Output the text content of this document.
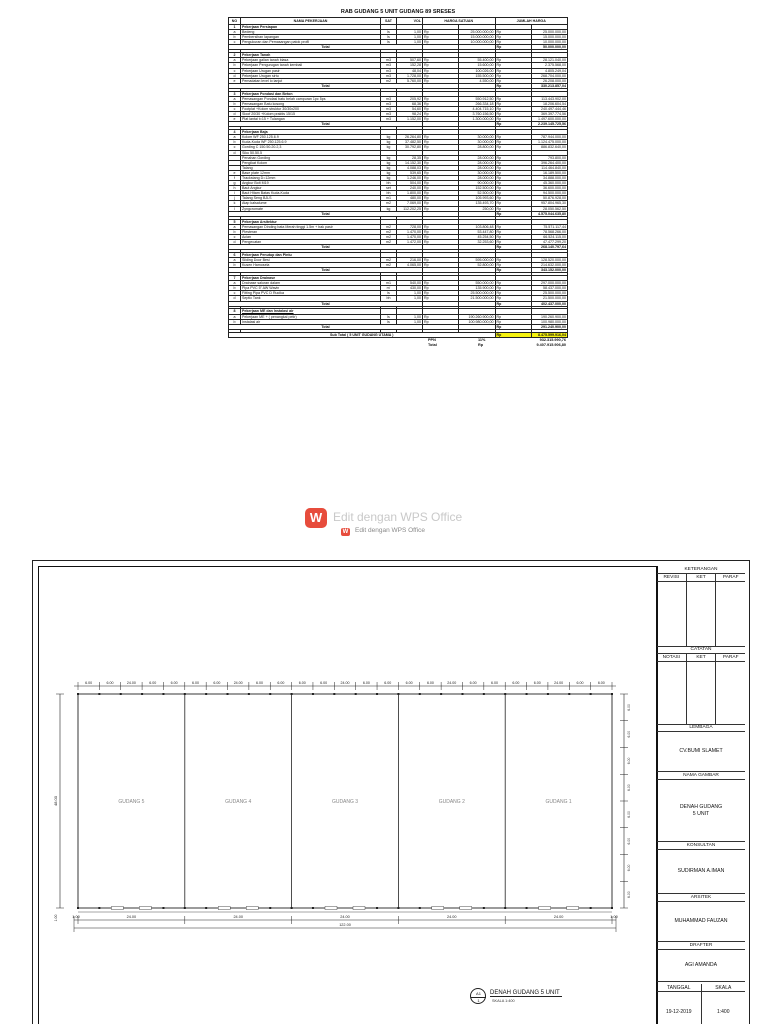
RAB GUDANG 5 UNIT GUDANG 89 SRESES
NO	NAMA PEKERJAAN	SAT	VOL	HARGA SATUAN		JUMLAH HARGA	
1	Pekerjaan Persiapan						
a	Bedeng	ls	1,00	Rp	25.000.000,00	Rp	25.000.000,00
b	Pembersihan lapangan	ls	1,00	Rp	15.000.000,00	Rp	15.000.000,00
c	Pengukuran dan Pemasangan patok profil	ls	1,00	Rp	10.000.000,00	Rp	10.000.000,00
Total						Rp	50.000.000,00

2	Pekerjaan Tanah						
a	Pekerjaan galian tanah biasa	m3	507,60	Rp	55.400,00	Rp	28.121.040,00
b	Pekerjaan Pengurugan tanah kembali	m3	152,28	Rp	15.600,00	Rp	2.375.568,00
c	Pekerjaan Urugan pasir	m3	48,04	Rp	100.026,00	Rp	4.805.249,04
d	Pekerjaan Urugan sirtu	m3	1.728,00	Rp	155.500,00	Rp	268.704.000,00
e	Pemadatan level lo lanjut	m2	5.760,00	Rp	4.550,00	Rp	26.208.000,00
Total						Rp	330.213.857,04

3	Pekerjaan Pondasi dan Beton						
a	Pemasangan Pondasi batu belah campuran 1pc 5ps	m3	205,92	Rp	550.912,50	Rp	113.443.902,00
b	Pemasangan Batu kosong	m3	68,36	Rp	266.334,18	Rp	18.206.604,54
c	Footplat +Kolom struktur 30/30x200	m3	54,60	Rp	4.404.715,10	Rp	240.497.444,46
d	Sloof 20/30 +Kolom praktis 15/15	m3	98,24	Rp	3.760.156,50	Rp	369.397.774,56
e	Plat lantai t=15 + Tulangan	m3	1.152,00	Rp	1.300.000,00	Rp	1.497.600.000,00
Total						Rp	2.239.145.725,56

4	Pekerjaan Baja						
a	Kolom WF 250.125.6.9	kg	26.264,80	Rp	30.000,00	Rp	787.944.000,00
b	Kuda-Kuda WF 250.125.6.9	kg	37.482,50	Rp	30.000,00	Rp	1.124.475.000,00
c	Gording C 150.50.20.2,3	kg	30.792,80	Rp	28.800,00	Rp	886.832.640,00
d	Siku 50.50.5						
	Penahan Gording	kg	28,35	Rp	28.000,00	Rp	793.800,00
	Pengikat Kolom	kg	14.152,30	Rp	28.000,00	Rp	396.264.400,00
	Talang	kg	4.088,03	Rp	28.000,00	Rp	114.464.840,00
e	Base plate 12mm	kg	539,65	Rp	30.000,00	Rp	16.189.500,00
f	Trackstang D=12mm	kg	1.246,00	Rp	28.000,00	Rp	34.888.000,00
g	Angkur Bolt M19	bh	504,00	Rp	90.000,00	Rp	45.360.000,00
h	Baut Angkur	set	240,00	Rp	152.500,00	Rp	36.600.000,00
i	Baut Hitam Batas Kuda-Kuda	bh	1.800,00	Rp	52.500,00	Rp	94.500.000,00
j	Talang Seng BJLS	m1	480,00	Rp	105.993,60	Rp	50.876.928,00
k	Atap kalsalume	m2	7.069,00	Rp	135.493,70	Rp	957.804.965,30
l	Zyngcromate	kg	112.202,25	Rp	250,00	Rp	28.050.562,50
Total						Rp	4.575.044.635,80

5	Pekerjaan Arsitektur						
a	Pemasangan Dinding bata Merah tinggi 1.5m + bak pasir	m2	728,00	Rp	103.806,48	Rp	75.571.117,44
b	Plesteran	m2	1.470,00	Rp	53.447,80	Rp	78.568.266,00
c	Acian	m2	1.470,00	Rp	45.254,50	Rp	66.524.115,00
d	Pengecatan	m2	1.472,00	Rp	32.253,60	Rp	47.477.299,20
Total						Rp	268.140.797,64

6	Pekerjaan Penutup dan Pintu						
a	Sliding Door Besi	m2	216,00	Rp	595.000,00	Rp	128.520.000,00
b	Kusen Hamosela	m2	4.065,00	Rp	52.800,00	Rp	214.632.000,00
Total						Rp	343.152.000,00

7	Pekerjaan Drainase						
a	Drainase saluran dalam	m1	540,00	Rp	550.000,00	Rp	297.000.000,00
b	Pipa PVC 5" AW Wavin	m'	430,00	Rp	135.900,00	Rp	58.437.000,00
c	Fitting Pipa PVC D Rucika	ls	1,00	Rp	25.500.000,00	Rp	25.500.000,00
d	Septic Tank	bh	1,00	Rp	21.500.000,00	Rp	21.500.000,00
Total						Rp	402.437.000,00

8	Pekerjaan ME dan Instalasi air						
a	Pekerjaan ME + ( penangkal petir)	ls	1,00	Rp	190.260.900,00	Rp	190.260.900,00
b	Instalasi air	ls	1,00	Rp	100.980.000,00	Rp	100.980.000,00
Total						Rp	291.240.900,00

Sub Total ( 5 UNIT GUDANG UTAMA )						Rp	8.475.599.916,04
PPN	11%	932.315.990,76
Total	Rp	9.407.915.906,80
W Edit dengan WPS Office
W Edit dengan WPS Office
GUDANG 5	GUDANG 4	GUDANG 3	GUDANG 2	GUDANG 1
6.00	6.00	24.00	6.00	6.00	6.00	6.00	24.00	6.00	6.00	6.00	6.00	24.00	6.00	6.00	6.00	6.00	24.00	6.00	6.00	6.00	6.00	24.00	6.00	6.00
1.00	24.00	24.00	24.00	24.00	24.00	1.00
122.00
48.00
1.00
6.00
6.00
6.00
6.00
6.00
6.00
6.00
6.00
KETERANGAN
REVISI	KET	PARAF
CATATAN
NOTASI	KET	PARAF
LEMBAGA
CV.BUMI SLAMET
NAMA GAMBAR
DENAH GUDANG
5 UNIT
KONSULTAN
SUDIRMAN A.IMAN
ARSITEK
MUHAMMAD FAUZAN
DRAFTER
AGI AMANDA
TANGGAL	SKALA
19-12-2019	1:400
A1
1
DENAH GUDANG 5 UNIT
SKALA 1:400
